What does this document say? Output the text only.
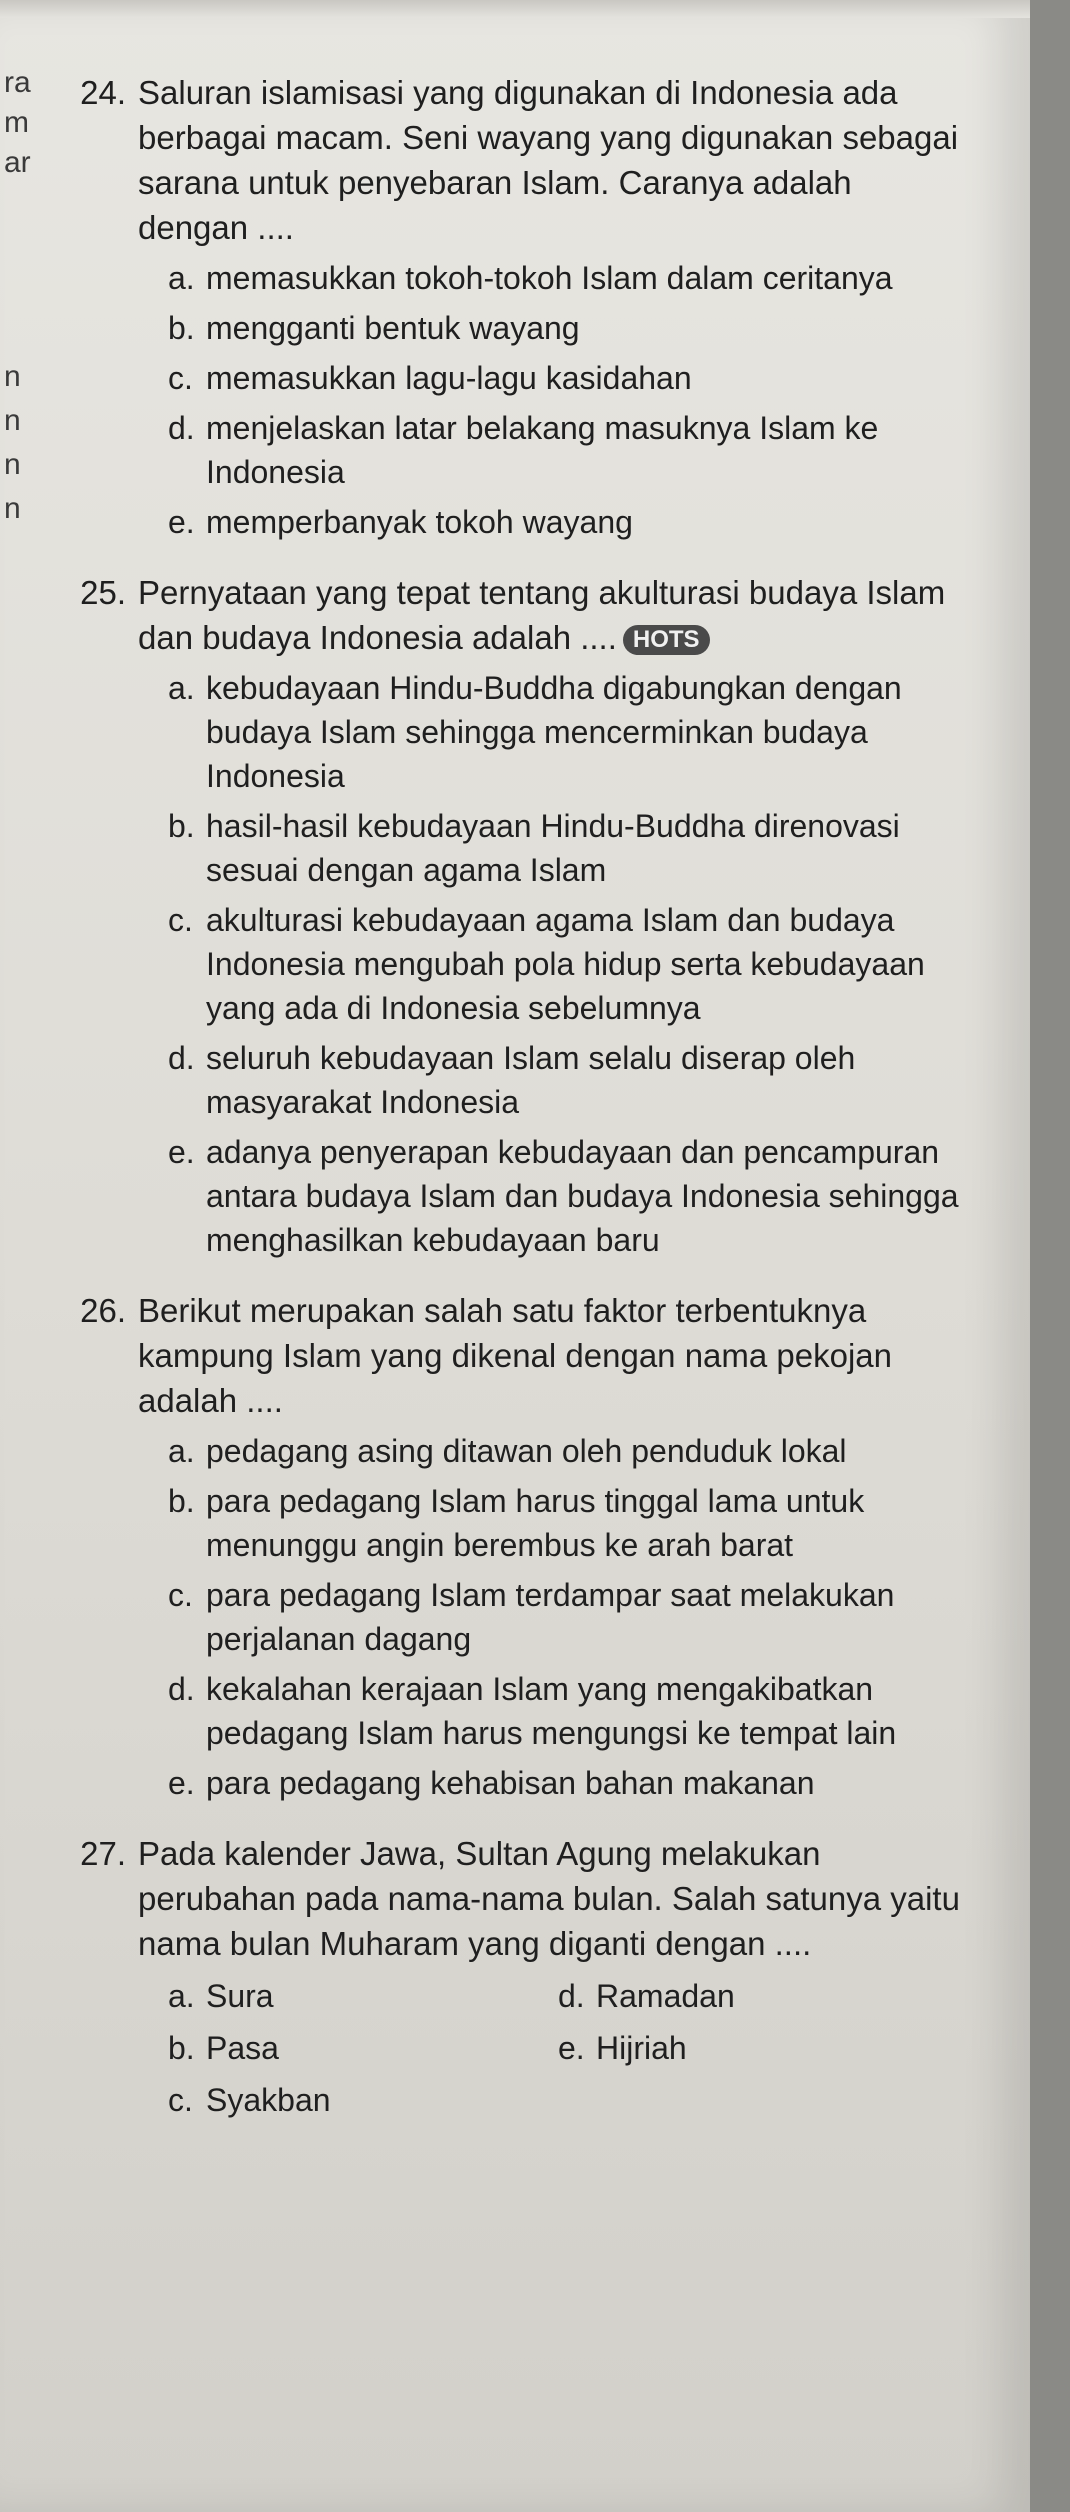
ra
m
ar
n
n
n
n
24. Saluran islamisasi yang digunakan di Indonesia ada berbagai macam. Seni wayang yang digunakan sebagai sarana untuk penyebaran Islam. Caranya adalah dengan ....
a. memasukkan tokoh-tokoh Islam dalam ceritanya
b. mengganti bentuk wayang
c. memasukkan lagu-lagu kasidahan
d. menjelaskan latar belakang masuknya Islam ke Indonesia
e. memperbanyak tokoh wayang
25. Pernyataan yang tepat tentang akulturasi budaya Islam dan budaya Indonesia adalah .... HOTS
a. kebudayaan Hindu-Buddha digabungkan dengan budaya Islam sehingga mencerminkan budaya Indonesia
b. hasil-hasil kebudayaan Hindu-Buddha direnovasi sesuai dengan agama Islam
c. akulturasi kebudayaan agama Islam dan budaya Indonesia mengubah pola hidup serta kebudayaan yang ada di Indonesia sebelumnya
d. seluruh kebudayaan Islam selalu diserap oleh masyarakat Indonesia
e. adanya penyerapan kebudayaan dan pencampuran antara budaya Islam dan budaya Indonesia sehingga menghasilkan kebudayaan baru
26. Berikut merupakan salah satu faktor terbentuknya kampung Islam yang dikenal dengan nama pekojan adalah ....
a. pedagang asing ditawan oleh penduduk lokal
b. para pedagang Islam harus tinggal lama untuk menunggu angin berembus ke arah barat
c. para pedagang Islam terdampar saat melakukan perjalanan dagang
d. kekalahan kerajaan Islam yang mengakibatkan pedagang Islam harus mengungsi ke tempat lain
e. para pedagang kehabisan bahan makanan
27. Pada kalender Jawa, Sultan Agung melakukan perubahan pada nama-nama bulan. Salah satunya yaitu nama bulan Muharam yang diganti dengan ....
a. Sura	d. Ramadan
b. Pasa	e. Hijriah
c. Syakban
